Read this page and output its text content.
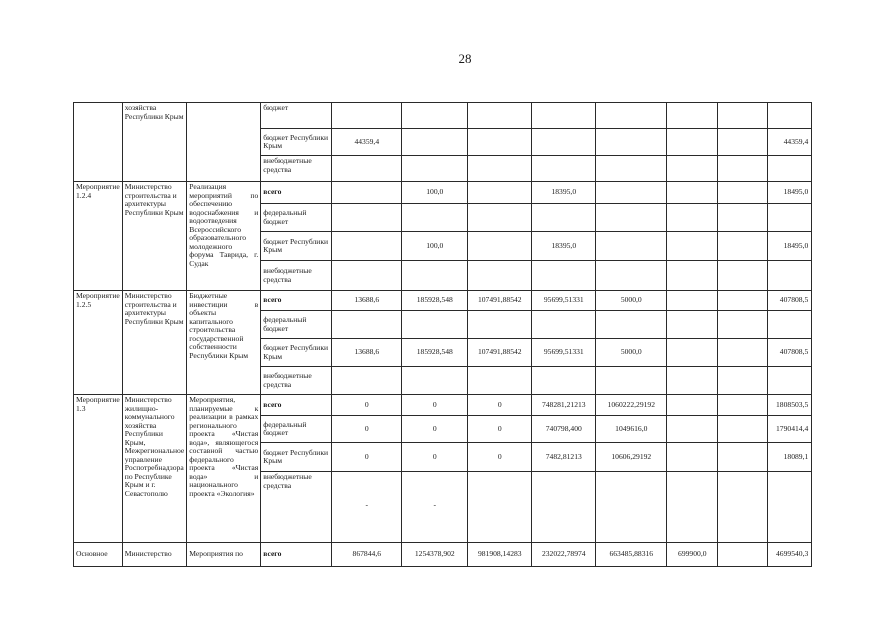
28
	хозяйства Республики Крым		бюджет								
			бюджет Республики Крым	44359,4							44359,4
			внебюджетные средства								
Мероприятие 1.2.4	Министерство строительства и архитектуры Республики Крым	Реализация мероприятий по обеспечению водоснабжения и водоотведения Всероссийского образовательного молодежного форума Таврида, г. Судак	всего		100,0		18395,0				18495,0
			федеральный бюджет								
			бюджет Республики Крым		100,0		18395,0				18495,0
			внебюджетные средства								
Мероприятие 1.2.5	Министерство строительства и архитектуры Республики Крым	Бюджетные инвестиции в объекты капитального строительства государственной собственности Республики Крым	всего	13688,6	185928,548	107491,88542	95699,51331	5000,0			407808,5
			федеральный бюджет								
			бюджет Республики Крым	13688,6	185928,548	107491,88542	95699,51331	5000,0			407808,5
			внебюджетные средства								
Мероприятие 1.3	Министерство жилищно-коммунального хозяйства Республики Крым, Межрегиональное управление Роспотребнадзора по Республике Крым и г. Севастополю	Мероприятия, планируемые к реализации в рамках регионального проекта «Чистая вода», являющегося составной частью федерального проекта «Чистая вода» и национального проекта «Экология»	всего	0	0	0	748281,21213	1060222,29192			1808503,5
			федеральный бюджет	0	0	0	740798,400	1049616,0			1790414,4
			бюджет Республики Крым	0	0	0	7482,81213	10606,29192			18089,1
			внебюджетные средства	-	-						

Основное	Министерство	Мероприятия по	всего	867844,6	1254378,902	981908,14283	232022,78974	663485,88316	699900,0		4699540,3
